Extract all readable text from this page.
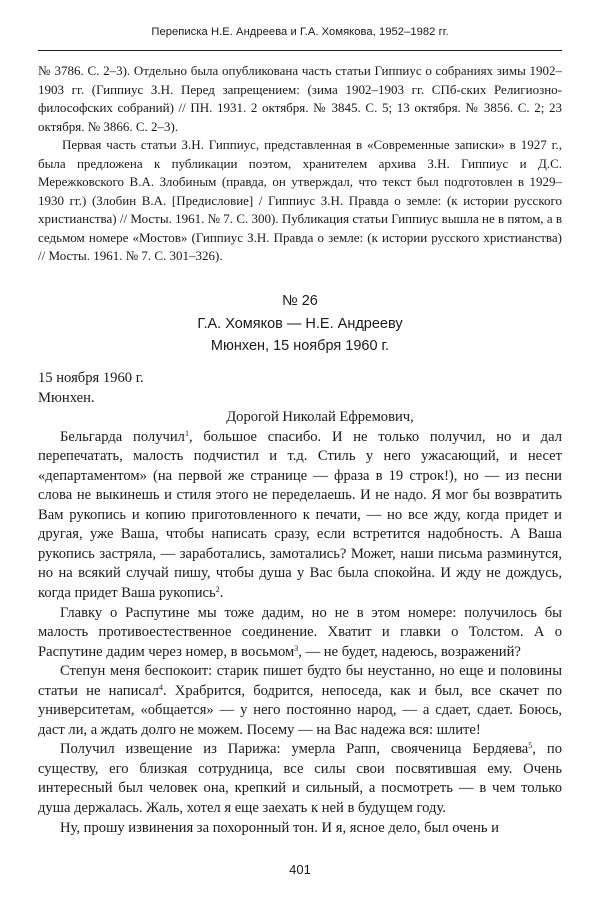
Переписка Н.Е. Андреева и Г.А. Хомякова, 1952–1982 гг.

№ 3786. С. 2–3). Отдельно была опубликована часть статьи Гиппиус о собраниях зимы 1902–1903 гг. (Гиппиус З.Н. Перед запрещением: (зима 1902–1903 гг. СПб-ских Религиозно-философских собраний) // ПН. 1931. 2 октября. № 3845. С. 5; 13 октября. № 3856. С. 2; 23 октября. № 3866. С. 2–3).

Первая часть статьи З.Н. Гиппиус, представленная в «Современные записки» в 1927 г., была предложена к публикации поэтом, хранителем архива З.Н. Гиппиус и Д.С. Мережковского В.А. Злобиным (правда, он утверждал, что текст был подготовлен в 1929–1930 гг.) (Злобин В.А. [Предисловие] / Гиппиус З.Н. Правда о земле: (к истории русского христианства) // Мосты. 1961. № 7. С. 300). Публикация статьи Гиппиус вышла не в пятом, а в седьмом номере «Мостов» (Гиппиус З.Н. Правда о земле: (к истории русского христианства) // Мосты. 1961. № 7. С. 301–326).

№ 26
Г.А. Хомяков — Н.Е. Андрееву
Мюнхен, 15 ноября 1960 г.

15 ноября 1960 г.

Мюнхен.

Дорогой Николай Ефремович,

Бельгарда получил$^1$, большое спасибо. И не только получил, но и дал перепечатать, малость подчистил и т.д. Стиль у него ужасающий, и несет «департаментом» (на первой же странице — фраза в 19 строк!), но — из песни слова не выкинешь и стиля этого не переделаешь. И не надо. Я мог бы возвратить Вам рукопись и копию приготовленного к печати, — но все жду, когда придет и другая, уже Ваша, чтобы написать сразу, если встретится надобность. А Ваша рукопись застряла, — заработались, замотались? Может, наши письма разминутся, но на всякий случай пишу, чтобы душа у Вас была спокойна. И жду не дождусь, когда придет Ваша рукопись$^2$.

Главку о Распутине мы тоже дадим, но не в этом номере: получилось бы малость противоестественное соединение. Хватит и главки о Толстом. А о Распутине дадим через номер, в восьмом$^3$, — не будет, надеюсь, возражений?

Степун меня беспокоит: старик пишет будто бы неустанно, но еще и половины статьи не написал$^4$. Храбрится, бодрится, непоседа, как и был, все скачет по университетам, «общается» — у него постоянно народ, — а сдает, сдает. Боюсь, даст ли, а ждать долго не можем. Посему — на Вас надежа вся: шлите!

Получил извещение из Парижа: умерла Рапп, свояченица Бердяева$^5$, по существу, его близкая сотрудница, все силы свои посвятившая ему. Очень интересный был человек она, крепкий и сильный, а посмотреть — в чем только душа держалась. Жаль, хотел я еще заехать к ней в будущем году.

Ну, прошу извинения за похоронный тон. И я, ясное дело, был очень и

401
